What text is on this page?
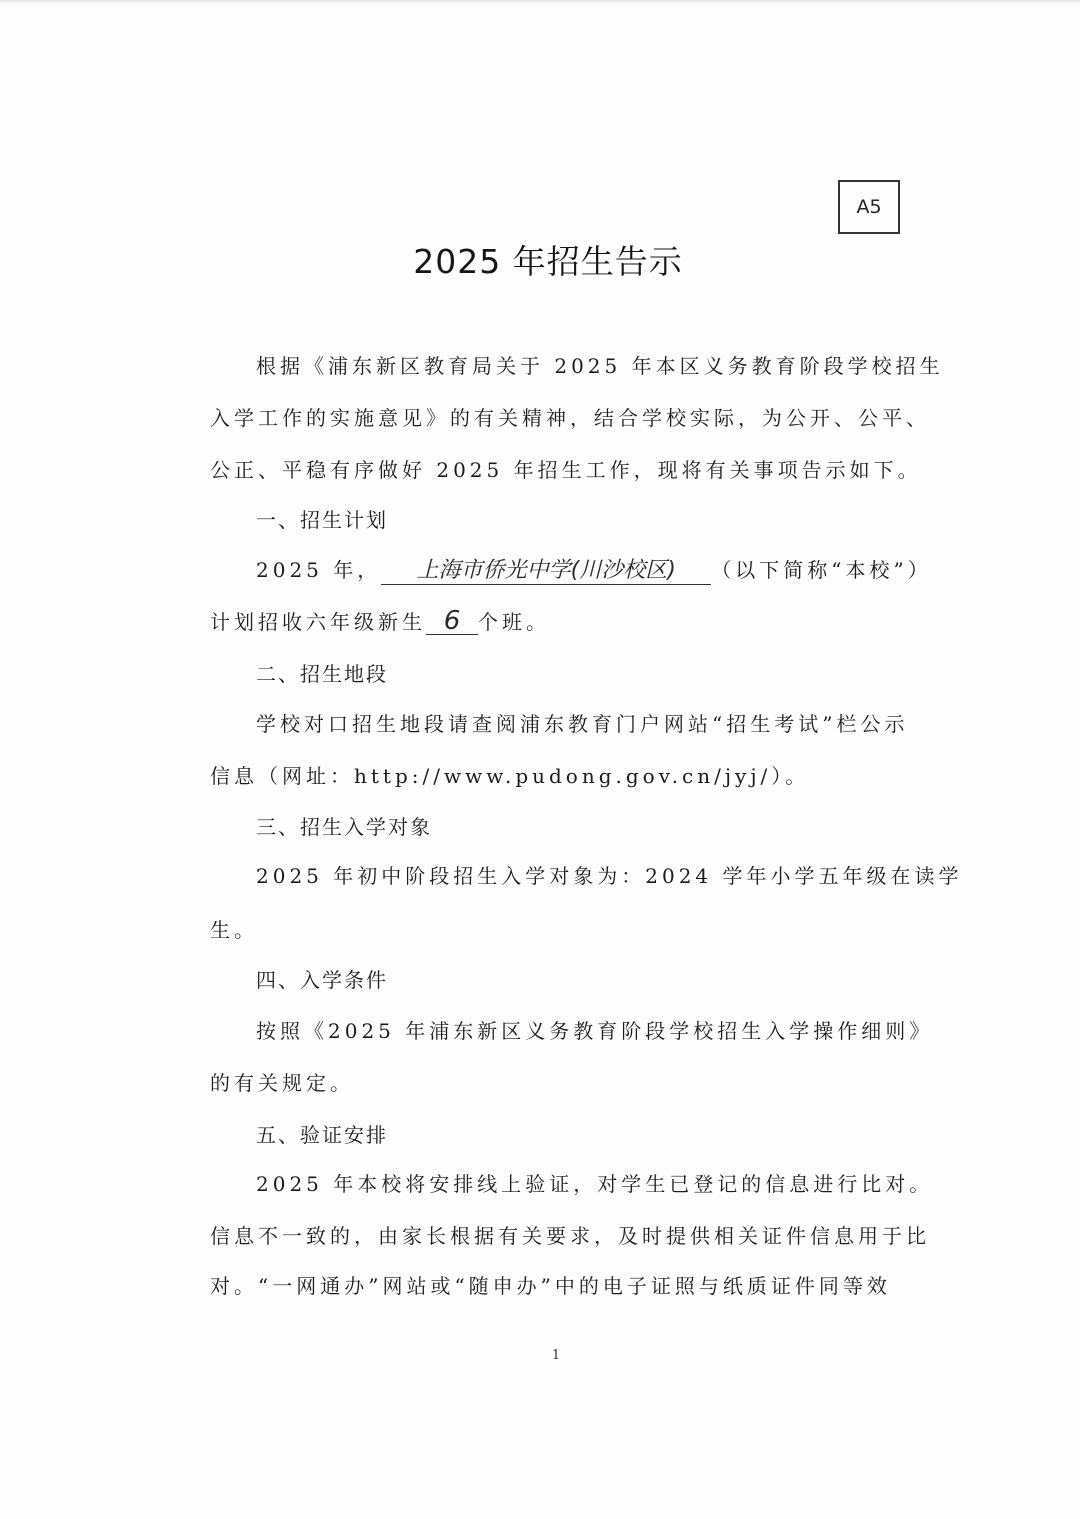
A5
2025 年招生告示
根据《浦东新区教育局关于 2025 年本区义务教育阶段学校招生
入学工作的实施意见》的有关精神，结合学校实际，为公开、公平、
公正、平稳有序做好 2025 年招生工作，现将有关事项告示如下。
一、招生计划
2025 年， 上海市侨光中学(川沙校区) （以下简称“本校”）
计划招收六年级新生 6 个班。
二、招生地段
学校对口招生地段请查阅浦东教育门户网站“招生考试”栏公示
信息（网址：http://www.pudong.gov.cn/jyj/）。
三、招生入学对象
2025 年初中阶段招生入学对象为：2024 学年小学五年级在读学
生。
四、入学条件
按照《2025 年浦东新区义务教育阶段学校招生入学操作细则》
的有关规定。
五、验证安排
2025 年本校将安排线上验证，对学生已登记的信息进行比对。
信息不一致的，由家长根据有关要求，及时提供相关证件信息用于比
对。“一网通办”网站或“随申办”中的电子证照与纸质证件同等效
1
